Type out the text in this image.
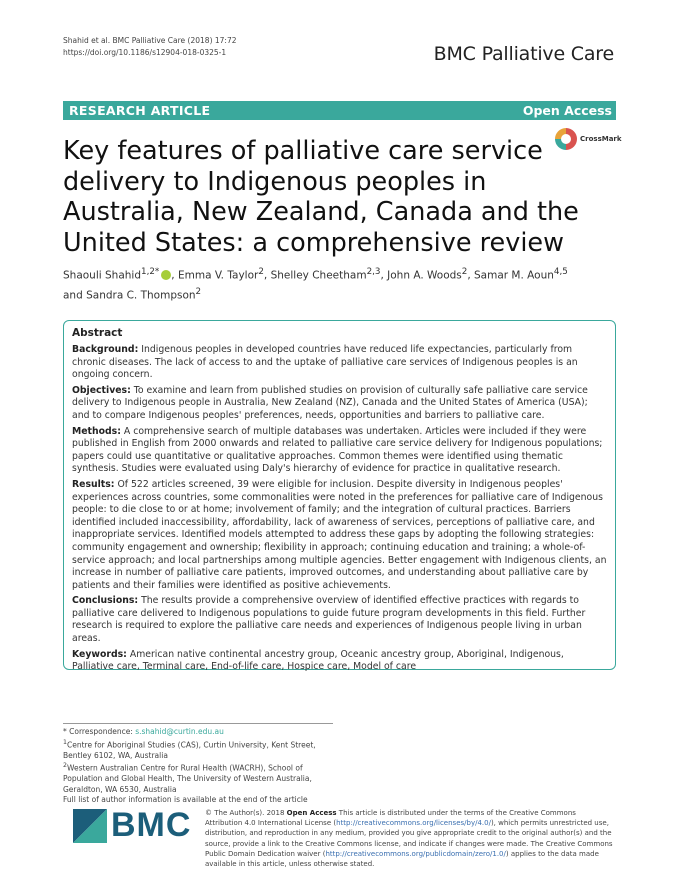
Shahid et al. BMC Palliative Care (2018) 17:72
https://doi.org/10.1186/s12904-018-0325-1	BMC Palliative Care
RESEARCH ARTICLE	Open Access
CrossMark
Key features of palliative care service delivery to Indigenous peoples in Australia, New Zealand, Canada and the United States: a comprehensive review
Shaouli Shahid$^{1,2*}$ , Emma V. Taylor$^2$, Shelley Cheetham$^{2,3}$, John A. Woods$^2$, Samar M. Aoun$^{4,5}$
and Sandra C. Thompson$^2$
Abstract
Background: Indigenous peoples in developed countries have reduced life expectancies, particularly from chronic diseases. The lack of access to and the uptake of palliative care services of Indigenous peoples is an ongoing concern.
Objectives: To examine and learn from published studies on provision of culturally safe palliative care service delivery to Indigenous people in Australia, New Zealand (NZ), Canada and the United States of America (USA); and to compare Indigenous peoples' preferences, needs, opportunities and barriers to palliative care.
Methods: A comprehensive search of multiple databases was undertaken. Articles were included if they were published in English from 2000 onwards and related to palliative care service delivery for Indigenous populations; papers could use quantitative or qualitative approaches. Common themes were identified using thematic synthesis. Studies were evaluated using Daly's hierarchy of evidence for practice in qualitative research.
Results: Of 522 articles screened, 39 were eligible for inclusion. Despite diversity in Indigenous peoples' experiences across countries, some commonalities were noted in the preferences for palliative care of Indigenous people: to die close to or at home; involvement of family; and the integration of cultural practices. Barriers identified included inaccessibility, affordability, lack of awareness of services, perceptions of palliative care, and inappropriate services. Identified models attempted to address these gaps by adopting the following strategies: community engagement and ownership; flexibility in approach; continuing education and training; a whole-of-service approach; and local partnerships among multiple agencies. Better engagement with Indigenous clients, an increase in number of palliative care patients, improved outcomes, and understanding about palliative care by patients and their families were identified as positive achievements.
Conclusions: The results provide a comprehensive overview of identified effective practices with regards to palliative care delivered to Indigenous populations to guide future program developments in this field. Further research is required to explore the palliative care needs and experiences of Indigenous people living in urban areas.
Keywords: American native continental ancestry group, Oceanic ancestry group, Aboriginal, Indigenous, Palliative care, Terminal care, End-of-life care, Hospice care, Model of care
* Correspondence: s.shahid@curtin.edu.au
$^1$Centre for Aboriginal Studies (CAS), Curtin University, Kent Street, Bentley 6102, WA, Australia
$^2$Western Australian Centre for Rural Health (WACRH), School of Population and Global Health, The University of Western Australia, Geraldton, WA 6530, Australia
Full list of author information is available at the end of the article
BMC © The Author(s). 2018 Open Access This article is distributed under the terms of the Creative Commons Attribution 4.0 International License (http://creativecommons.org/licenses/by/4.0/), which permits unrestricted use, distribution, and reproduction in any medium, provided you give appropriate credit to the original author(s) and the source, provide a link to the Creative Commons license, and indicate if changes were made. The Creative Commons Public Domain Dedication waiver (http://creativecommons.org/publicdomain/zero/1.0/) applies to the data made available in this article, unless otherwise stated.
